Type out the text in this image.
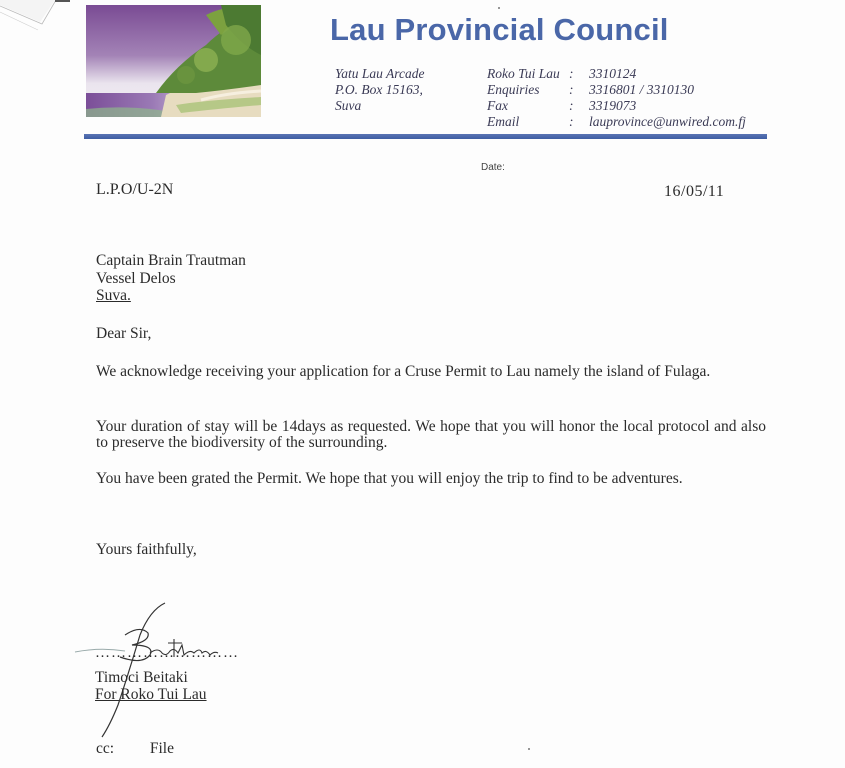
Lau Provincial Council
Yatu Lau Arcade
P.O. Box 15163,
Suva
Roko Tui Lau :	3310124
Enquiries	:	3316801 / 3310130
Fax	:	3319073
Email	:	lauprovince@unwired.com.fj
Date:
L.P.O/U-2N	16/05/11
Captain Brain Trautman
Vessel Delos
Suva.
Dear Sir,

We acknowledge receiving your application for a Cruse Permit to Lau namely the island of Fulaga.

Your duration of stay will be 14days as requested. We hope that you will honor the local protocol and also to preserve the biodiversity of the surrounding.

You have been grated the Permit. We hope that you will enjoy the trip to find to be adventures.

Yours faithfully,
………………………
Timoci Beitaki
For Roko Tui Lau
cc: File
